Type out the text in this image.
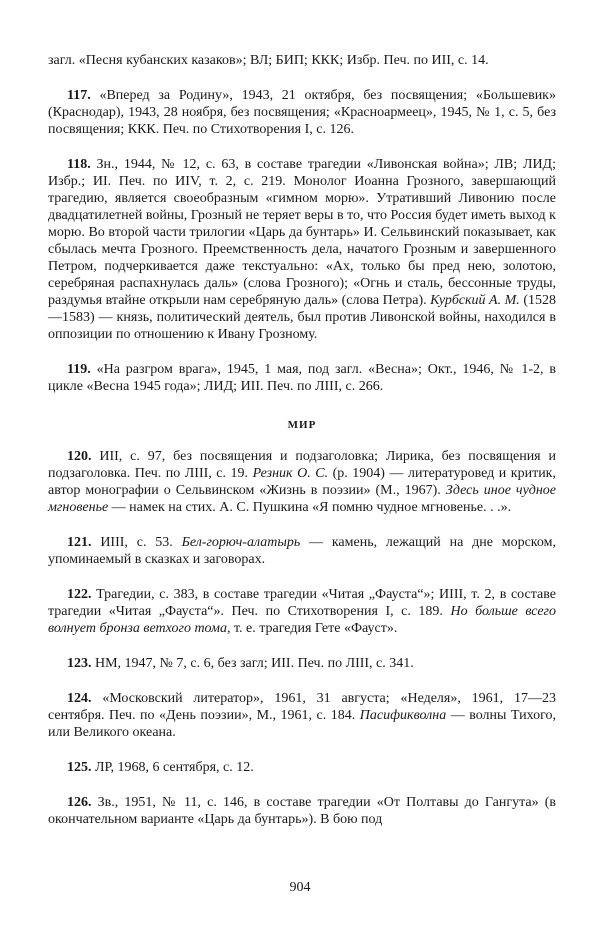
загл. «Песня кубанских казаков»; ВЛ; БИП; ККК; Избр. Печ. по ИII, с. 14.

117. «Вперед за Родину», 1943, 21 октября, без посвящения; «Большевик» (Краснодар), 1943, 28 ноября, без посвящения; «Красноармеец», 1945, № 1, с. 5, без посвящения; ККК. Печ. по Стихотворения I, с. 126.

118. Зн., 1944, № 12, с. 63, в составе трагедии «Ливонская война»; ЛВ; ЛИД; Избр.; ИI. Печ. по ИIV, т. 2, с. 219. Монолог Иоанна Грозного, завершающий трагедию, является своеобразным «гимном морю». Утративший Ливонию после двадцатилетней войны, Грозный не теряет веры в то, что Россия будет иметь выход к морю. Во второй части трилогии «Царь да бунтарь» И. Сельвинский показывает, как сбылась мечта Грозного. Преемственность дела, начатого Грозным и завершенного Петром, подчеркивается даже текстуально: «Ах, только бы пред нею, золотою, серебряная распахнулась даль» (слова Грозного); «Огнь и сталь, бессонные труды, раздумья втайне открыли нам серебряную даль» (слова Петра). Курбский А. М. (1528—1583) — князь, политический деятель, был против Ливонской войны, находился в оппозиции по отношению к Ивану Грозному.

119. «На разгром врага», 1945, 1 мая, под загл. «Весна»; Окт., 1946, № 1-2, в цикле «Весна 1945 года»; ЛИД; ИII. Печ. по ЛIII, с. 266.

МИР

120. ИII, с. 97, без посвящения и подзаголовка; Лирика, без посвящения и подзаголовка. Печ. по ЛIII, с. 19. Резник О. С. (р. 1904) — литературовед и критик, автор монографии о Сельвинском «Жизнь в поэзии» (М., 1967). Здесь иное чудное мгновенье — намек на стих. А. С. Пушкина «Я помню чудное мгновенье. . .».

121. ИIII, с. 53. Бел-горюч-алатырь — камень, лежащий на дне морском, упоминаемый в сказках и заговорах.

122. Трагедии, с. 383, в составе трагедии «Читая „Фауста“»; ИIII, т. 2, в составе трагедии «Читая „Фауста“». Печ. по Стихотворения I, с. 189. Но больше всего волнует бронза ветхого тома, т. е. трагедия Гете «Фауст».

123. НМ, 1947, № 7, с. 6, без загл; ИII. Печ. по ЛIII, с. 341.

124. «Московский литератор», 1961, 31 августа; «Неделя», 1961, 17—23 сентября. Печ. по «День поэзии», М., 1961, с. 184. Пасификволна — волны Тихого, или Великого океана.

125. ЛР, 1968, 6 сентября, с. 12.

126. Зв., 1951, № 11, с. 146, в составе трагедии «От Полтавы до Гангута» (в окончательном варианте «Царь да бунтарь»). В бою под

904
